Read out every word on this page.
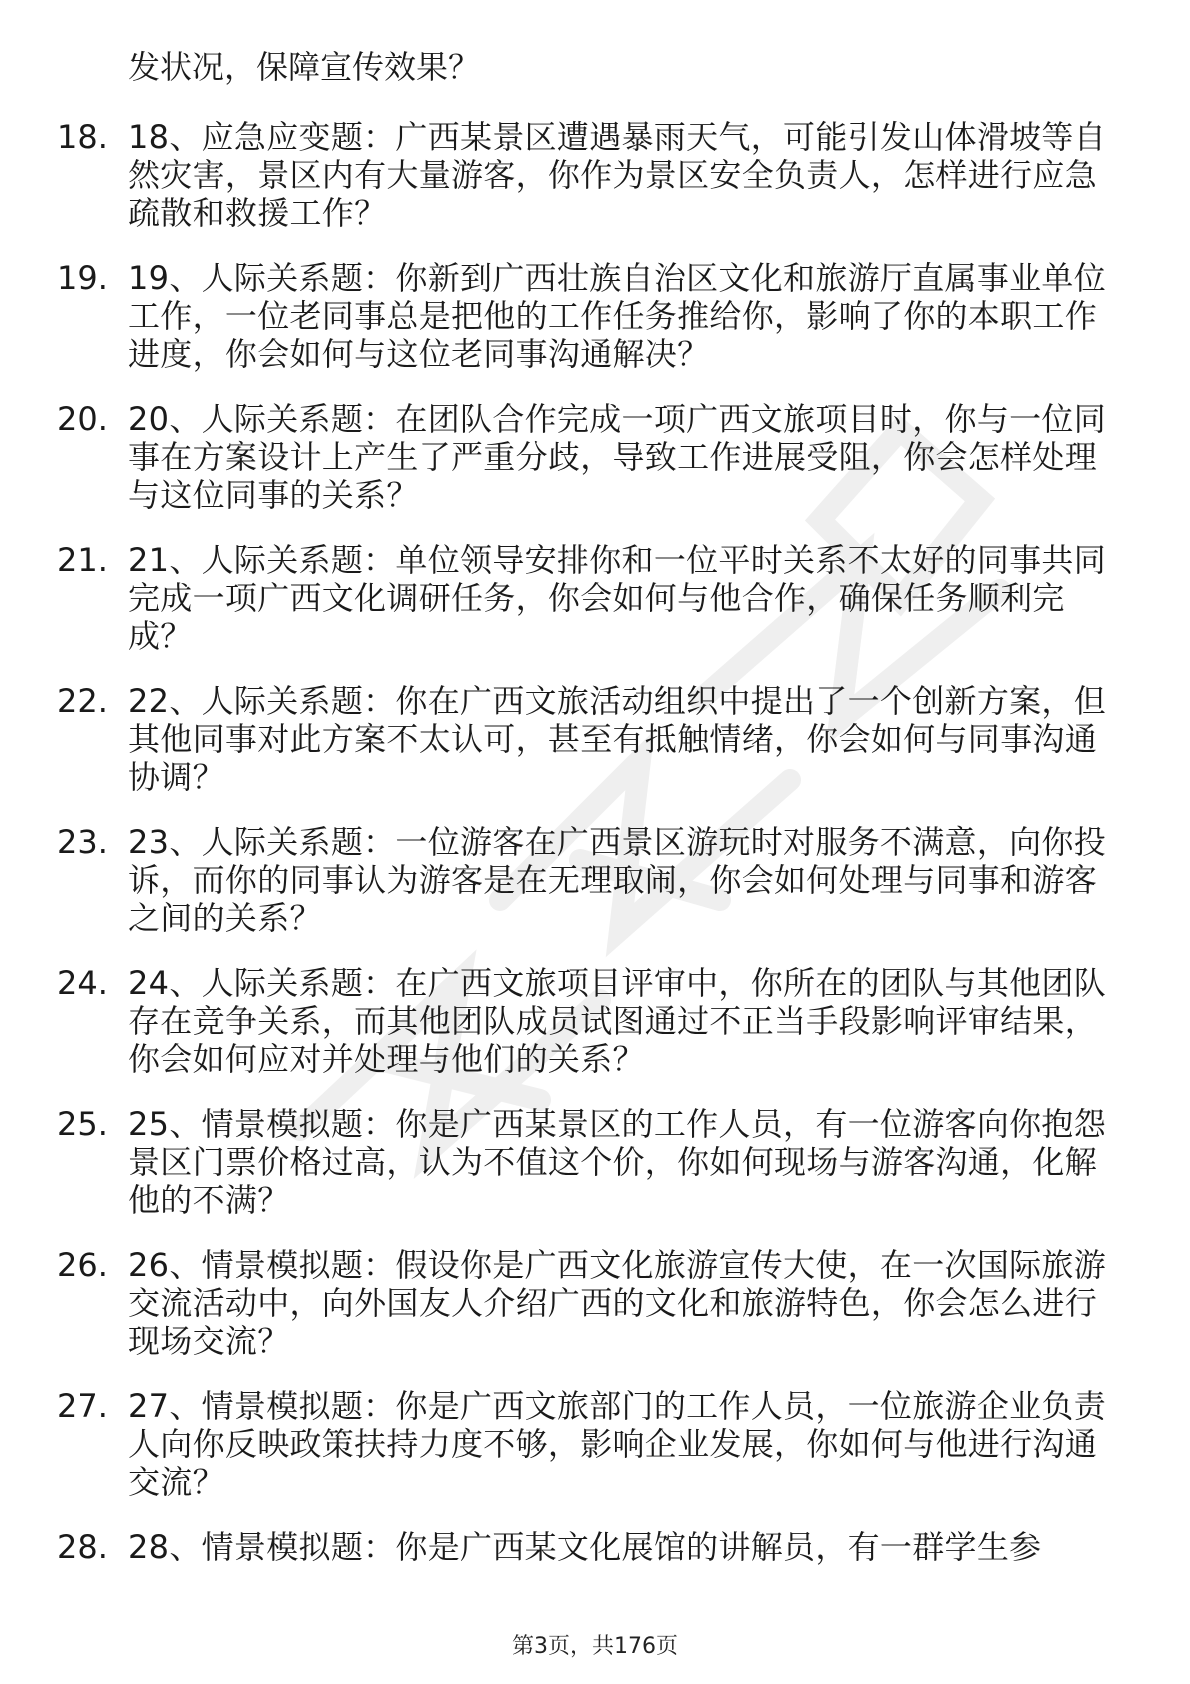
发状况，保障宣传效果？
18. 18、应急应变题：广西某景区遭遇暴雨天气，可能引发山体滑坡等自然灾害，景区内有大量游客，你作为景区安全负责人，怎样进行应急疏散和救援工作？
19. 19、人际关系题：你新到广西壮族自治区文化和旅游厅直属事业单位工作，一位老同事总是把他的工作任务推给你，影响了你的本职工作进度，你会如何与这位老同事沟通解决？
20. 20、人际关系题：在团队合作完成一项广西文旅项目时，你与一位同事在方案设计上产生了严重分歧，导致工作进展受阻，你会怎样处理与这位同事的关系？
21. 21、人际关系题：单位领导安排你和一位平时关系不太好的同事共同完成一项广西文化调研任务，你会如何与他合作，确保任务顺利完成？
22. 22、人际关系题：你在广西文旅活动组织中提出了一个创新方案，但其他同事对此方案不太认可，甚至有抵触情绪，你会如何与同事沟通协调？
23. 23、人际关系题：一位游客在广西景区游玩时对服务不满意，向你投诉，而你的同事认为游客是在无理取闹，你会如何处理与同事和游客之间的关系？
24. 24、人际关系题：在广西文旅项目评审中，你所在的团队与其他团队存在竞争关系，而其他团队成员试图通过不正当手段影响评审结果，你会如何应对并处理与他们的关系？
25. 25、情景模拟题：你是广西某景区的工作人员，有一位游客向你抱怨景区门票价格过高，认为不值这个价，你如何现场与游客沟通，化解他的不满？
26. 26、情景模拟题：假设你是广西文化旅游宣传大使，在一次国际旅游交流活动中，向外国友人介绍广西的文化和旅游特色，你会怎么进行现场交流？
27. 27、情景模拟题：你是广西文旅部门的工作人员，一位旅游企业负责人向你反映政策扶持力度不够，影响企业发展，你如何与他进行沟通交流？
28. 28、情景模拟题：你是广西某文化展馆的讲解员，有一群学生参
第3页，共176页
